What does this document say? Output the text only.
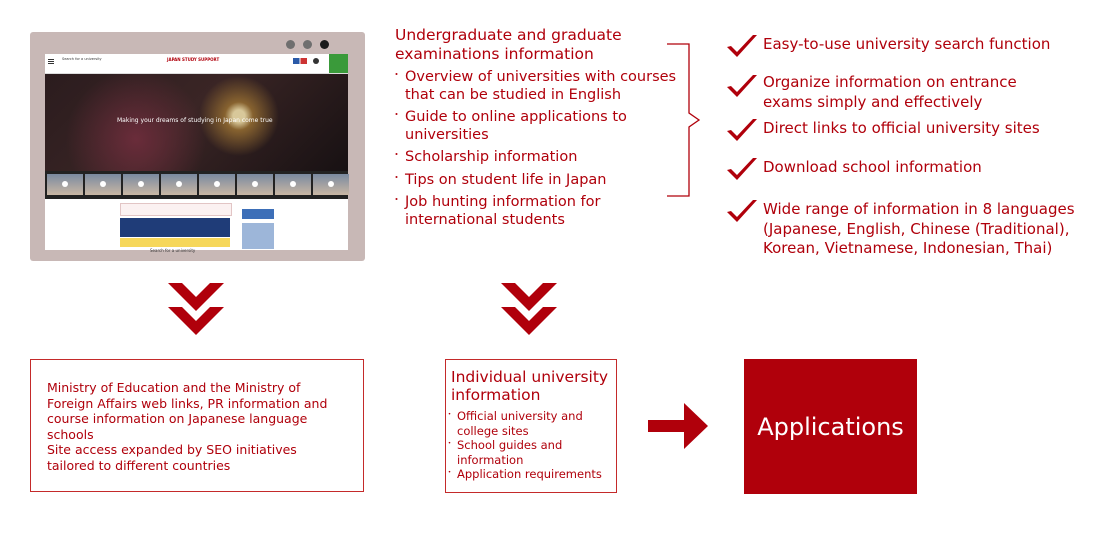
Search for a university	JAPAN STUDY SUPPORT
Making your dreams of studying in Japan come true
Search for a university
Undergraduate and graduate
examinations information
・ Overview of universities with courses
that can be studied in English
・ Guide to online applications to
universities
・ Scholarship information
・ Tips on student life in Japan
・ Job hunting information for
international students
Easy-to-use university search function
Organize information on entrance
exams simply and effectively
Direct links to official university sites
Download school information
Wide range of information in 8 languages
(Japanese, English, Chinese (Traditional),
Korean, Vietnamese, Indonesian, Thai)
Ministry of Education and the Ministry of
Foreign Affairs web links, PR information and
course information on Japanese language
schools
Site access expanded by SEO initiatives
tailored to different countries
Individual university
information
・ Official university and
college sites
・ School guides and
information
・ Application requirements
Applications
